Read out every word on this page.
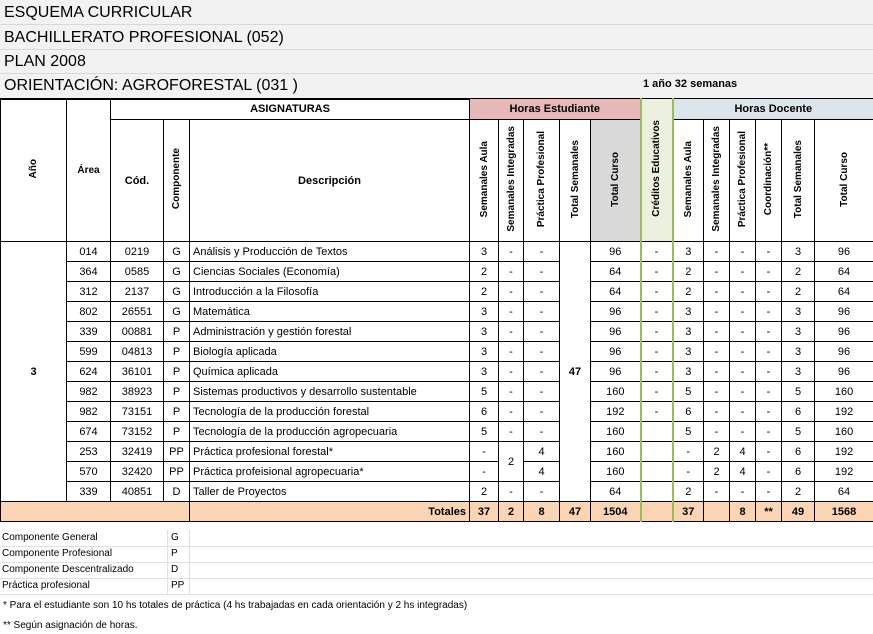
ESQUEMA CURRICULAR
BACHILLERATO PROFESIONAL (052)
PLAN 2008
ORIENTACIÓN: AGROFORESTAL (031 )	1 año 32 semanas
Año	Área	ASIGNATURAS			Horas Estudiante					Créditos Educativos	Horas Docente					
		Cód.	Componente	Descripción	Semanales Aula	Semanales Integradas	Práctica Profesional	Total Semanales	Total Curso		Semanales Aula	Semanales Integradas	Práctica Profesional	Coordinación**	Total Semanales	Total Curso
3	014	0219	G	Análisis y Producción de Textos	3	-	-	47	96	-	3	-	-	-	3	96
	364	0585	G	Ciencias Sociales (Economía)	2	-	-		64	-	2	-	-	-	2	64
	312	2137	G	Introducción a la Filosofía	2	-	-		64	-	2	-	-	-	2	64
	802	26551	G	Matemática	3	-	-		96	-	3	-	-	-	3	96
	339	00881	P	Administración y gestión forestal	3	-	-		96	-	3	-	-	-	3	96
	599	04813	P	Biología aplicada	3	-	-		96	-	3	-	-	-	3	96
	624	36101	P	Química aplicada	3	-	-		96	-	3	-	-	-	3	96
	982	38923	P	Sistemas productivos y desarrollo sustentable	5	-	-		160	-	5	-	-	-	5	160
	982	73151	P	Tecnología de la producción forestal	6	-	-		192	-	6	-	-	-	6	192
	674	73152	P	Tecnología de la producción agropecuaria	5	-	-		160		5	-	-	-	5	160
	253	32419	PP	Práctica profesional forestal*	-	2	4		160		-	2	4	-	6	192
	570	32420	PP	Práctica profeisional agropecuaria*	-		4		160		-	2	4	-	6	192
	339	40851	D	Taller de Proyectos	2	-	-		64		2	-	-	-	2	64
				Totales	37	2	8	47	1504		37		8	**	49	1568
Componente General	G
Componente Profesional	P
Componente Descentralizado	D
Práctica profesional	PP
* Para el estudiante son 10 hs totales de práctica (4 hs trabajadas en cada orientación y 2 hs integradas)
** Según asignación de horas.
